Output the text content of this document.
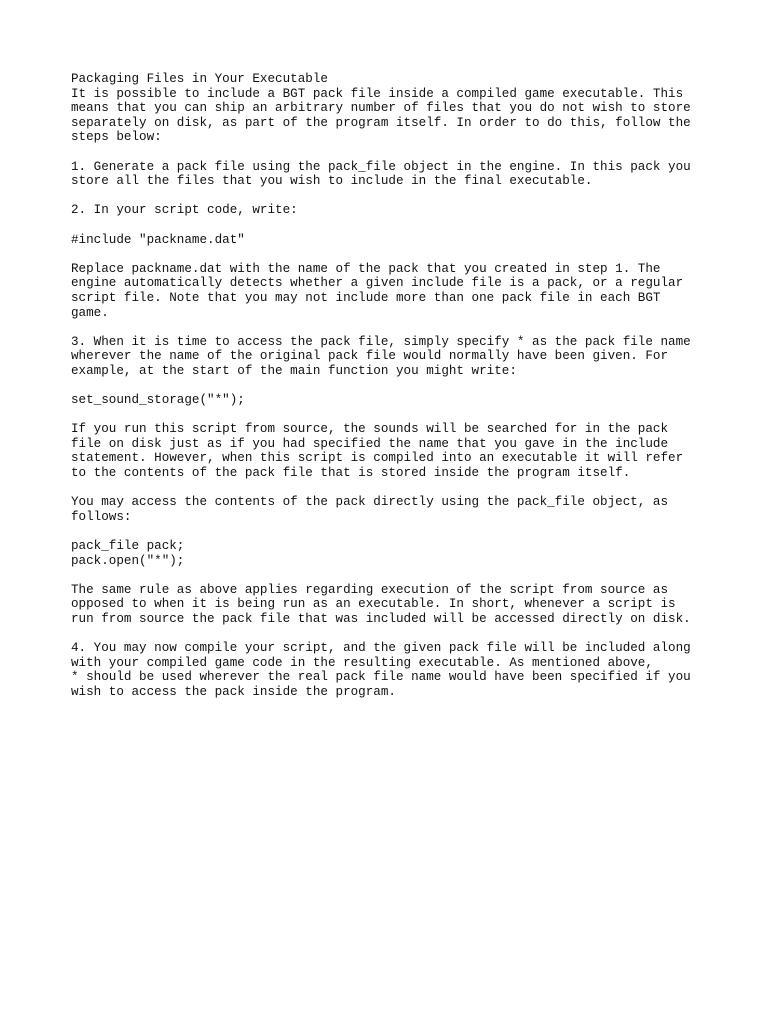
Packaging Files in Your Executable
It is possible to include a BGT pack file inside a compiled game executable. This
means that you can ship an arbitrary number of files that you do not wish to store
separately on disk, as part of the program itself. In order to do this, follow the
steps below:

1. Generate a pack file using the pack_file object in the engine. In this pack you
store all the files that you wish to include in the final executable.

2. In your script code, write:

#include "packname.dat"

Replace packname.dat with the name of the pack that you created in step 1. The
engine automatically detects whether a given include file is a pack, or a regular
script file. Note that you may not include more than one pack file in each BGT
game.

3. When it is time to access the pack file, simply specify * as the pack file name
wherever the name of the original pack file would normally have been given. For
example, at the start of the main function you might write:

set_sound_storage("*");

If you run this script from source, the sounds will be searched for in the pack
file on disk just as if you had specified the name that you gave in the include
statement. However, when this script is compiled into an executable it will refer
to the contents of the pack file that is stored inside the program itself.

You may access the contents of the pack directly using the pack_file object, as
follows:

pack_file pack;
pack.open("*");

The same rule as above applies regarding execution of the script from source as
opposed to when it is being run as an executable. In short, whenever a script is
run from source the pack file that was included will be accessed directly on disk.

4. You may now compile your script, and the given pack file will be included along
with your compiled game code in the resulting executable. As mentioned above,
* should be used wherever the real pack file name would have been specified if you
wish to access the pack inside the program.
